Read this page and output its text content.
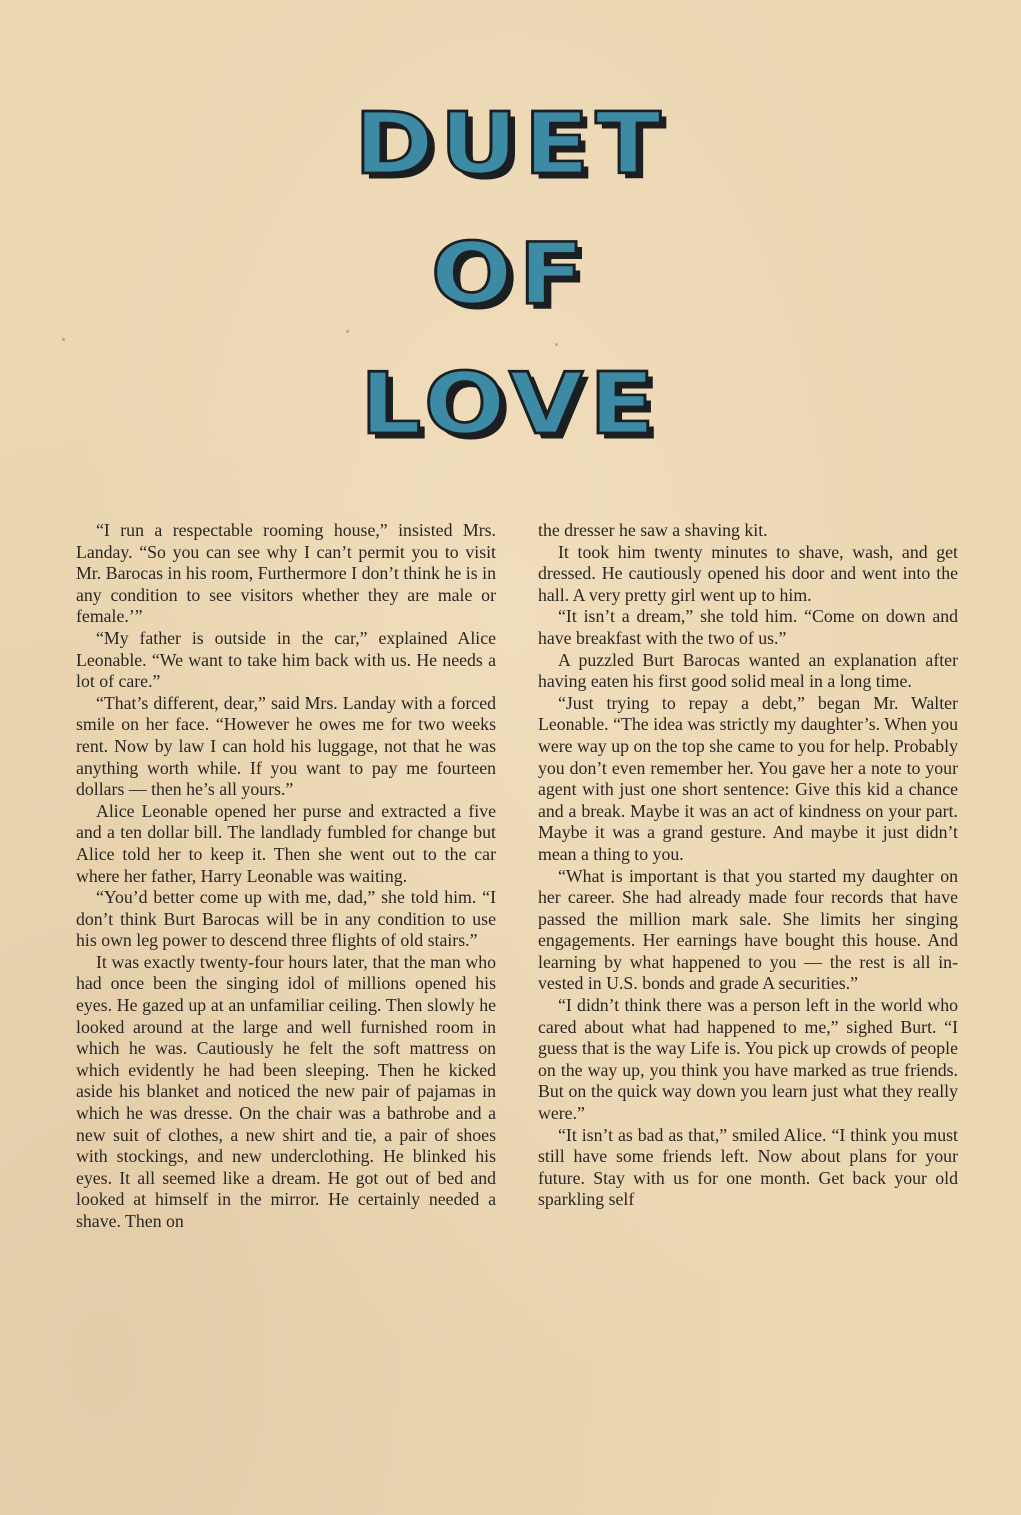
DUET
OF
LOVE

“I run a respectable rooming house,” insisted Mrs. Landay. “So you can see why I can’t permit you to visit Mr. Barocas in his room, Furthermore I don’t think he is in any condition to see visitors whether they are male or female.’”

“My father is outside in the car,” explained Alice Leonable. “We want to take him back with us. He needs a lot of care.”

“That’s different, dear,” said Mrs. Landay with a forced smile on her face. “However he owes me for two weeks rent. Now by law I can hold his luggage, not that he was anything worth while. If you want to pay me fourteen dollars — then he’s all yours.”

Alice Leonable opened her purse and extracted a five and a ten dollar bill. The landlady fumbled for change but Alice told her to keep it. Then she went out to the car where her father, Harry Leonable was waiting.

“You’d better come up with me, dad,” she told him. “I don’t think Burt Barocas will be in any condition to use his own leg power to descend three flights of old stairs.”

It was exactly twenty-four hours later, that the man who had once been the singing idol of millions opened his eyes. He gazed up at an unfamiliar ceiling. Then slowly he looked around at the large and well furnished room in which he was. Cautiously he felt the soft mattress on which evidently he had been sleeping. Then he kicked aside his blanket and noticed the new pair of pajamas in which he was dresse. On the chair was a bathrobe and a new suit of clothes, a new shirt and tie, a pair of shoes with stockings, and new underclothing. He blinked his eyes. It all seemed like a dream. He got out of bed and looked at himself in the mirror. He certainly needed a shave. Then on

the dresser he saw a shaving kit.

It took him twenty minutes to shave, wash, and get dressed. He cautiously opened his door and went into the hall. A very pretty girl went up to him.

“It isn’t a dream,” she told him. “Come on down and have breakfast with the two of us.”

A puzzled Burt Barocas wanted an explanation after having eaten his first good solid meal in a long time.

“Just trying to repay a debt,” began Mr. Walter Leonable. “The idea was strictly my daughter’s. When you were way up on the top she came to you for help. Probably you don’t even remember her. You gave her a note to your agent with just one short sentence: Give this kid a chance and a break. Maybe it was an act of kindness on your part. Maybe it was a grand gesture. And maybe it just didn’t mean a thing to you.

“What is important is that you started my daughter on her career. She had already made four records that have passed the million mark sale. She limits her singing engagements. Her earnings have bought this house. And learning by what happened to you — the rest is all invested in U.S. bonds and grade A securities.”

“I didn’t think there was a person left in the world who cared about what had happened to me,” sighed Burt. “I guess that is the way Life is. You pick up crowds of people on the way up, you think you have marked as true friends. But on the quick way down you learn just what they really were.”

“It isn’t as bad as that,” smiled Alice. “I think you must still have some friends left. Now about plans for your future. Stay with us for one month. Get back your old sparkling self
